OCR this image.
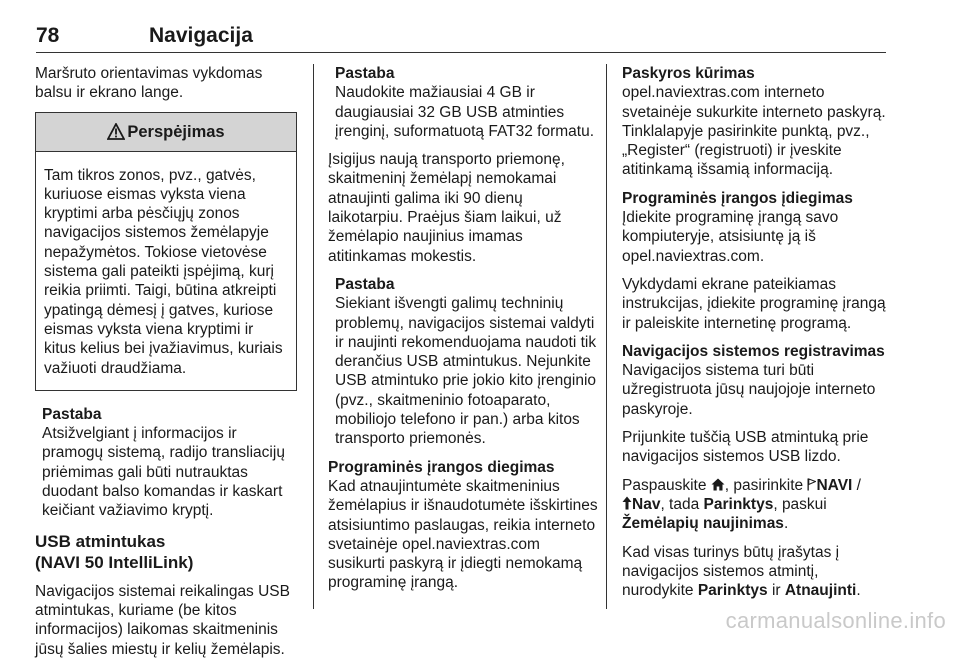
78	Navigacija

Maršruto orientavimas vykdomas balsu ir ekrano lange.

Perspėjimas
Tam tikros zonos, pvz., gatvės, kuriuose eismas vyksta viena kryptimi arba pėsčiųjų zonos navigacijos sistemos žemėlapyje nepažymėtos. Tokiose vietovėse sistema gali pateikti įspėjimą, kurį reikia priimti. Taigi, būtina atkreipti ypatingą dėmesį į gatves, kuriose eismas vyksta viena kryptimi ir kitus kelius bei įvažiavimus, kuriais važiuoti draudžiama.
Pastaba

Atsižvelgiant į informacijos ir pramogų sistemą, radijo transliacijų priėmimas gali būti nutrauktas duodant balso komandas ir kaskart keičiant važiavimo kryptį.

USB atmintukas
(NAVI 50 IntelliLink)

Navigacijos sistemai reikalingas USB atmintukas, kuriame (be kitos informacijos) laikomas skaitmeninis jūsų šalies miestų ir kelių žemėlapis.

Pastaba

Naudokite mažiausiai 4 GB ir daugiausiai 32 GB USB atminties įrenginį, suformatuotą FAT32 formatu.

Įsigijus naują transporto priemonę, skaitmeninį žemėlapį nemokamai atnaujinti galima iki 90 dienų laikotarpiu. Praėjus šiam laikui, už žemėlapio naujinius imamas atitinkamas mokestis.

Pastaba

Siekiant išvengti galimų techninių problemų, navigacijos sistemai valdyti ir naujinti rekomenduojama naudoti tik derančius USB atmintukus. Nejunkite USB atmintuko prie jokio kito įrenginio (pvz., skaitmeninio fotoaparato, mobiliojo telefono ir pan.) arba kitos transporto priemonės.

Programinės įrangos diegimas

Kad atnaujintumėte skaitmeninius žemėlapius ir išnaudotumėte išskirtines atsisiuntimo paslaugas, reikia interneto svetainėje opel.naviextras.com susikurti paskyrą ir įdiegti nemokamą programinę įrangą.

Paskyros kūrimas

opel.naviextras.com interneto svetainėje sukurkite interneto paskyrą. Tinklalapyje pasirinkite punktą, pvz., „Register“ (registruoti) ir įveskite atitinkamą išsamią informaciją.

Programinės įrangos įdiegimas

Įdiekite programinę įrangą savo kompiuteryje, atsisiuntę ją iš opel.naviextras.com.

Vykdydami ekrane pateikiamas instrukcijas, įdiekite programinę įrangą ir paleiskite internetinę programą.

Navigacijos sistemos registravimas

Navigacijos sistema turi būti užregistruota jūsų naujojoje interneto paskyroje.

Prijunkite tuščią USB atmintuką prie navigacijos sistemos USB lizdo.

Paspauskite , pasirinkite NAVI /
Nav, tada Parinktys, paskui
Žemėlapių naujinimas.

Kad visas turinys būtų įrašytas į navigacijos sistemos atmintį, nurodykite Parinktys ir Atnaujinti.

carmanualsonline.info
